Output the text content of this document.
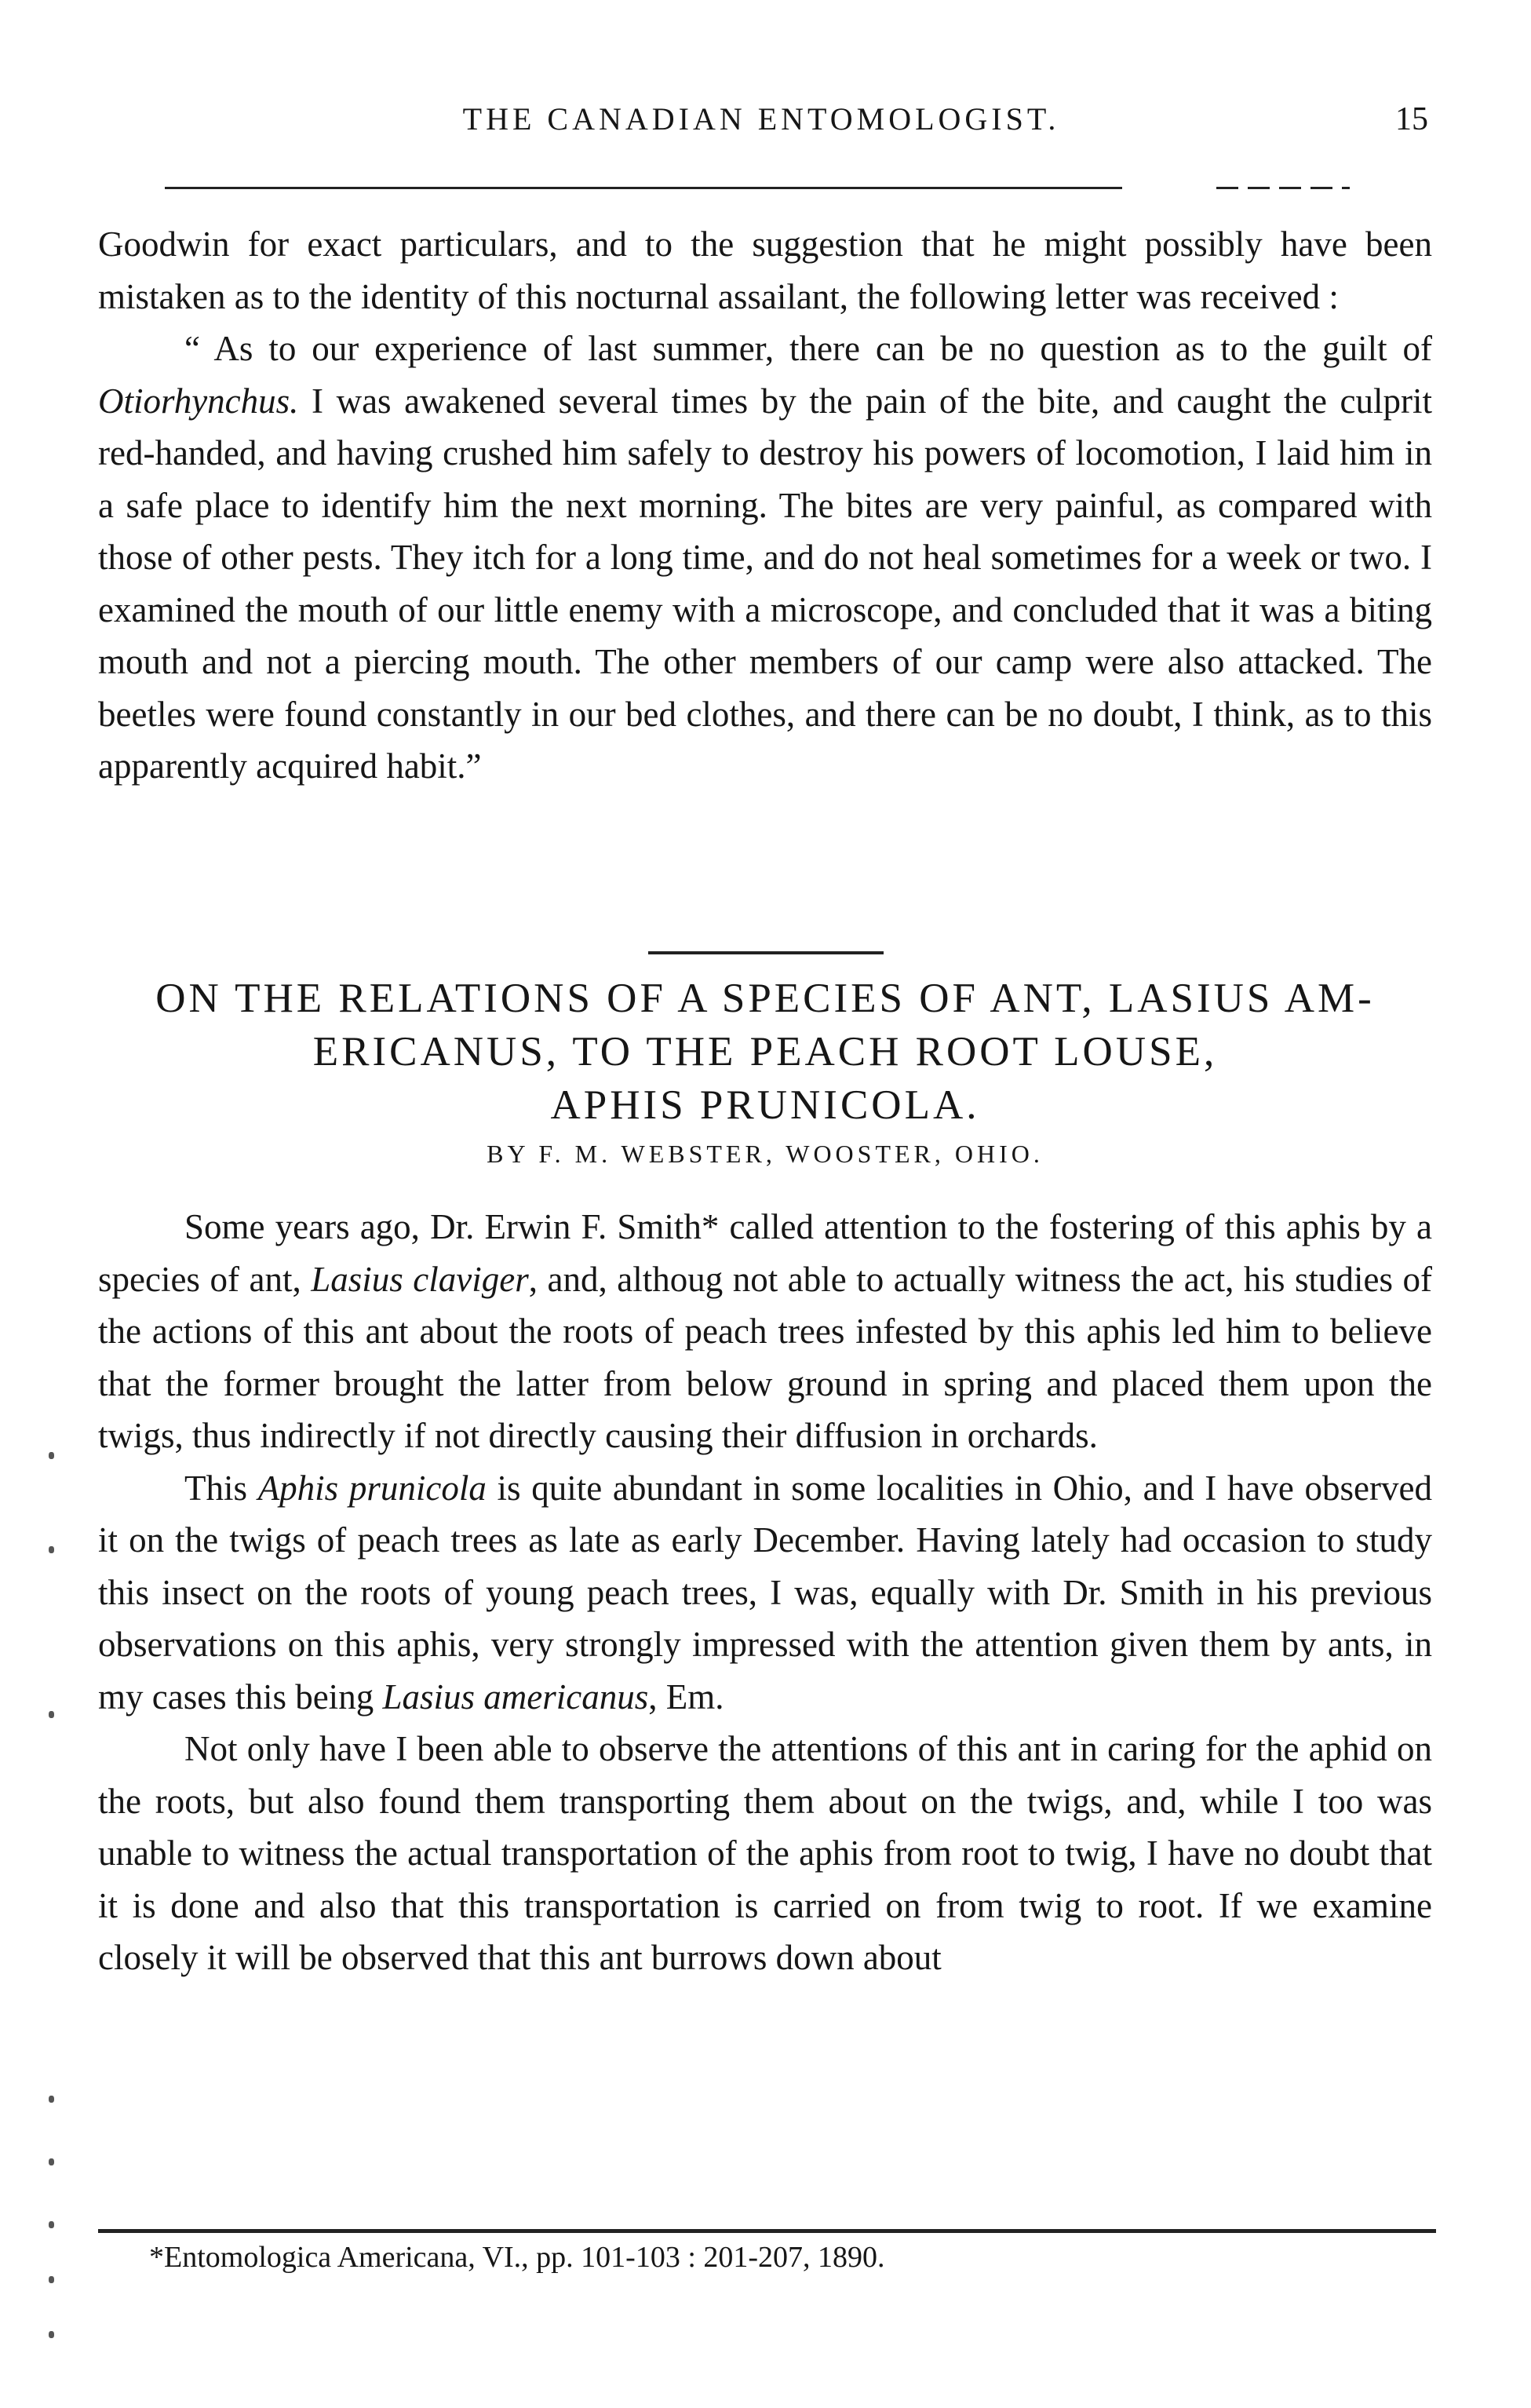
THE CANADIAN ENTOMOLOGIST.	15

Goodwin for exact particulars, and to the suggestion that he might possibly have been mistaken as to the identity of this nocturnal assailant, the following letter was received :

“ As to our experience of last summer, there can be no question as to the guilt of Otiorhynchus. I was awakened several times by the pain of the bite, and caught the culprit red-handed, and having crushed him safely to destroy his powers of locomotion, I laid him in a safe place to identify him the next morning. The bites are very painful, as compared with those of other pests. They itch for a long time, and do not heal sometimes for a week or two. I examined the mouth of our little enemy with a microscope, and concluded that it was a biting mouth and not a piercing mouth. The other members of our camp were also attacked. The beetles were found constantly in our bed clothes, and there can be no doubt, I think, as to this apparently acquired habit.”

ON THE RELATIONS OF A SPECIES OF ANT, LASIUS AM-
ERICANUS, TO THE PEACH ROOT LOUSE,
APHIS PRUNICOLA.
BY F. M. WEBSTER, WOOSTER, OHIO.

Some years ago, Dr. Erwin F. Smith* called attention to the fostering of this aphis by a species of ant, Lasius claviger, and, althoug not able to actually witness the act, his studies of the actions of this ant about the roots of peach trees infested by this aphis led him to believe that the former brought the latter from below ground in spring and placed them upon the twigs, thus indirectly if not directly causing their diffusion in orchards.

This Aphis prunicola is quite abundant in some localities in Ohio, and I have observed it on the twigs of peach trees as late as early December. Having lately had occasion to study this insect on the roots of young peach trees, I was, equally with Dr. Smith in his previous observations on this aphis, very strongly impressed with the attention given them by ants, in my cases this being Lasius americanus, Em.

Not only have I been able to observe the attentions of this ant in caring for the aphid on the roots, but also found them transporting them about on the twigs, and, while I too was unable to witness the actual transportation of the aphis from root to twig, I have no doubt that it is done and also that this transportation is carried on from twig to root. If we examine closely it will be observed that this ant burrows down about

*Entomologica Americana, VI., pp. 101-103 : 201-207, 1890.
